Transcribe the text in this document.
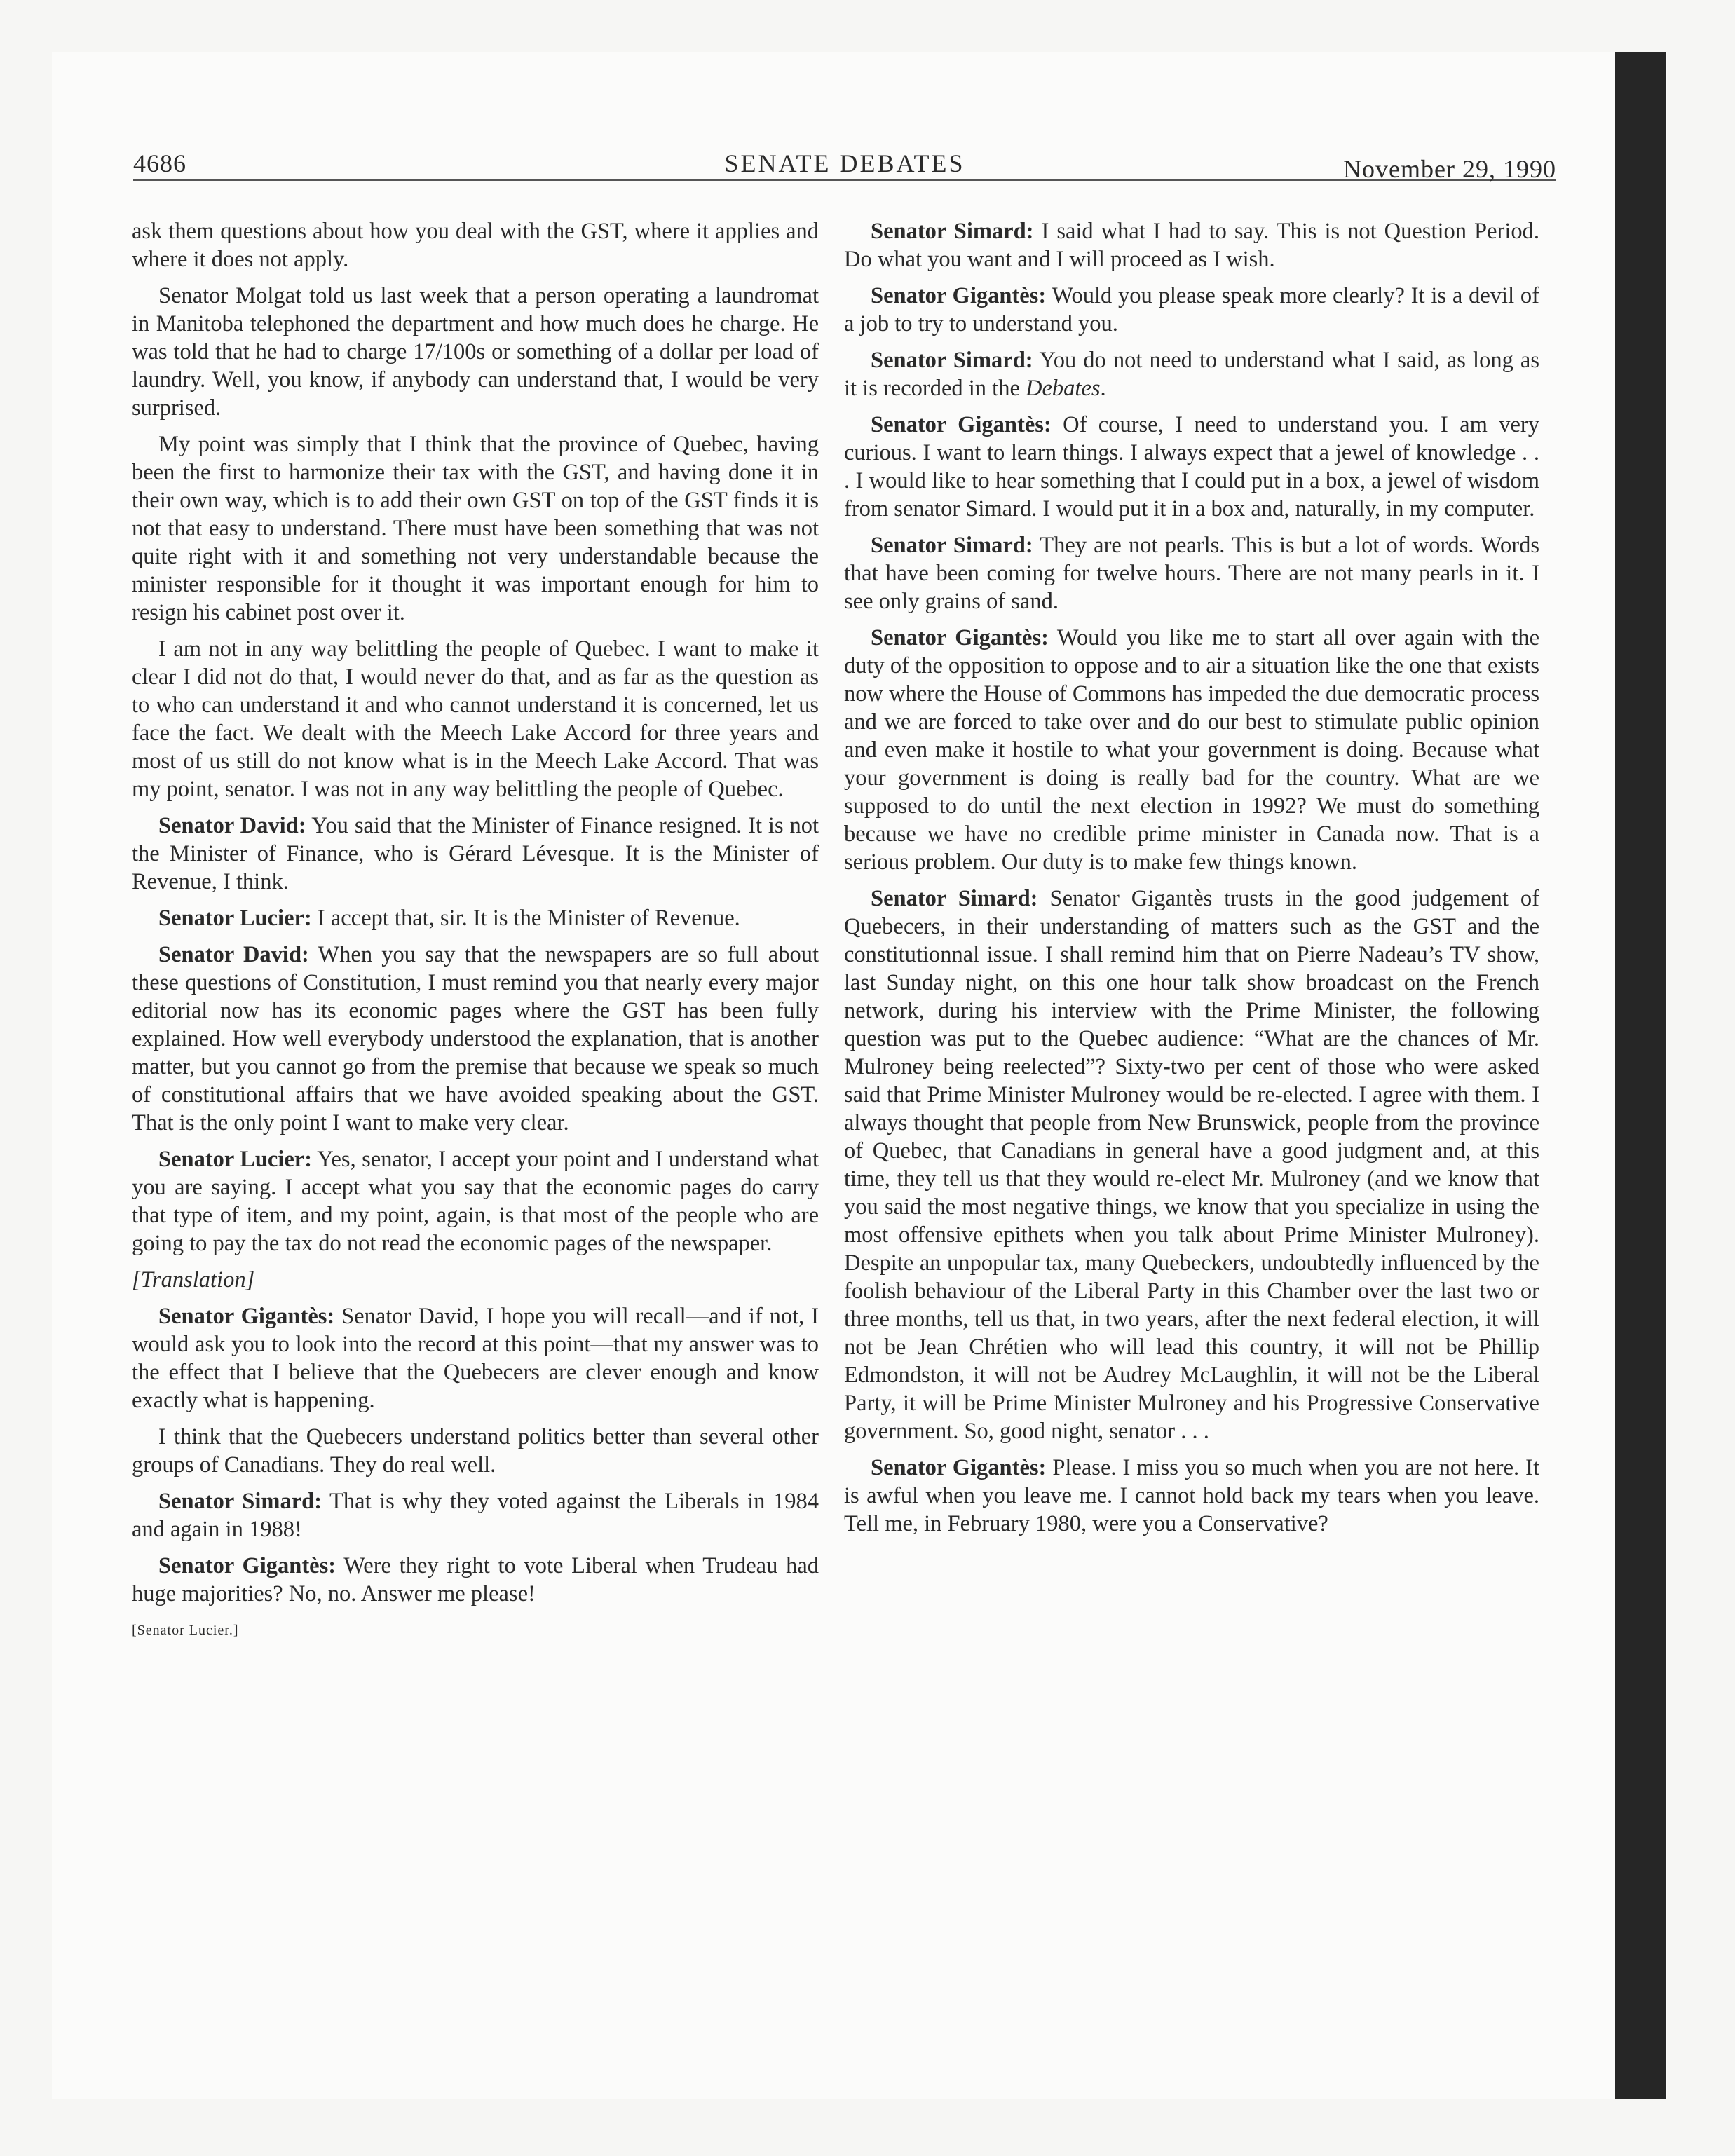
4686	SENATE DEBATES	November 29, 1990

ask them questions about how you deal with the GST, where it applies and where it does not apply.

Senator Molgat told us last week that a person operating a laundromat in Manitoba telephoned the department and how much does he charge. He was told that he had to charge 17/100s or something of a dollar per load of laundry. Well, you know, if anybody can understand that, I would be very surprised.

My point was simply that I think that the province of Quebec, having been the first to harmonize their tax with the GST, and having done it in their own way, which is to add their own GST on top of the GST finds it is not that easy to understand. There must have been something that was not quite right with it and something not very understandable because the minister responsible for it thought it was important enough for him to resign his cabinet post over it.

I am not in any way belittling the people of Quebec. I want to make it clear I did not do that, I would never do that, and as far as the question as to who can understand it and who cannot understand it is concerned, let us face the fact. We dealt with the Meech Lake Accord for three years and most of us still do not know what is in the Meech Lake Accord. That was my point, senator. I was not in any way belittling the people of Quebec.

Senator David: You said that the Minister of Finance resigned. It is not the Minister of Finance, who is Gérard Lévesque. It is the Minister of Revenue, I think.

Senator Lucier: I accept that, sir. It is the Minister of Revenue.

Senator David: When you say that the newspapers are so full about these questions of Constitution, I must remind you that nearly every major editorial now has its economic pages where the GST has been fully explained. How well everybody understood the explanation, that is another matter, but you cannot go from the premise that because we speak so much of constitutional affairs that we have avoided speaking about the GST. That is the only point I want to make very clear.

Senator Lucier: Yes, senator, I accept your point and I understand what you are saying. I accept what you say that the economic pages do carry that type of item, and my point, again, is that most of the people who are going to pay the tax do not read the economic pages of the newspaper.

[Translation]

Senator Gigantès: Senator David, I hope you will recall—and if not, I would ask you to look into the record at this point—that my answer was to the effect that I believe that the Quebecers are clever enough and know exactly what is happening.

I think that the Quebecers understand politics better than several other groups of Canadians. They do real well.

Senator Simard: That is why they voted against the Liberals in 1984 and again in 1988!

Senator Gigantès: Were they right to vote Liberal when Trudeau had huge majorities? No, no. Answer me please!

[Senator Lucier.]

Senator Simard: I said what I had to say. This is not Question Period. Do what you want and I will proceed as I wish.

Senator Gigantès: Would you please speak more clearly? It is a devil of a job to try to understand you.

Senator Simard: You do not need to understand what I said, as long as it is recorded in the Debates.

Senator Gigantès: Of course, I need to understand you. I am very curious. I want to learn things. I always expect that a jewel of knowledge . . . I would like to hear something that I could put in a box, a jewel of wisdom from senator Simard. I would put it in a box and, naturally, in my computer.

Senator Simard: They are not pearls. This is but a lot of words. Words that have been coming for twelve hours. There are not many pearls in it. I see only grains of sand.

Senator Gigantès: Would you like me to start all over again with the duty of the opposition to oppose and to air a situation like the one that exists now where the House of Commons has impeded the due democratic process and we are forced to take over and do our best to stimulate public opinion and even make it hostile to what your government is doing. Because what your government is doing is really bad for the country. What are we supposed to do until the next election in 1992? We must do something because we have no credible prime minister in Canada now. That is a serious problem. Our duty is to make few things known.

Senator Simard: Senator Gigantès trusts in the good judgement of Quebecers, in their understanding of matters such as the GST and the constitutionnal issue. I shall remind him that on Pierre Nadeau’s TV show, last Sunday night, on this one hour talk show broadcast on the French network, during his interview with the Prime Minister, the following question was put to the Quebec audience: “What are the chances of Mr. Mulroney being reelected”? Sixty-two per cent of those who were asked said that Prime Minister Mulroney would be re-elected. I agree with them. I always thought that people from New Brunswick, people from the province of Quebec, that Canadians in general have a good judgment and, at this time, they tell us that they would re-elect Mr. Mulroney (and we know that you said the most negative things, we know that you specialize in using the most offensive epithets when you talk about Prime Minister Mulroney). Despite an unpopular tax, many Quebeckers, undoubtedly influenced by the foolish behaviour of the Liberal Party in this Chamber over the last two or three months, tell us that, in two years, after the next federal election, it will not be Jean Chrétien who will lead this country, it will not be Phillip Edmondston, it will not be Audrey McLaughlin, it will not be the Liberal Party, it will be Prime Minister Mulroney and his Progressive Conservative government. So, good night, senator . . .

Senator Gigantès: Please. I miss you so much when you are not here. It is awful when you leave me. I cannot hold back my tears when you leave. Tell me, in February 1980, were you a Conservative?
